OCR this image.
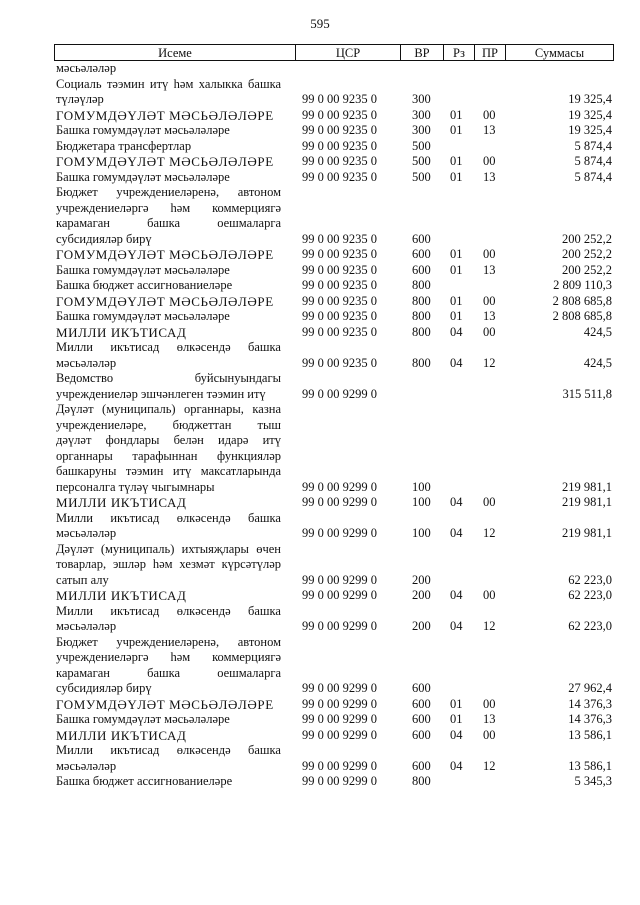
595
Исеме	ЦСР	ВР	Рз	ПР	Суммасы
мәсьәләләр
Социаль тәэмин итү һәм халыкка башка
түләүләр	99 0 00 9235 0	300	19 325,4
ГОМУМДӘҮЛӘТ МӘСЬӘЛӘЛӘРЕ	99 0 00 9235 0	300 01 00	19 325,4
Башка гомумдәүләт мәсьәләләре	99 0 00 9235 0	300 01 13	19 325,4
Бюджетара трансфертлар	99 0 00 9235 0	500	5 874,4
ГОМУМДӘҮЛӘТ МӘСЬӘЛӘЛӘРЕ	99 0 00 9235 0	500 01 00	5 874,4
Башка гомумдәүләт мәсьәләләре	99 0 00 9235 0	500 01 13	5 874,4
Бюджет учреждениеләренә, автоном
учреждениеләргә һәм коммерциягә
карамаган башка оешмаларга
субсидияләр бирү	99 0 00 9235 0	600	200 252,2
ГОМУМДӘҮЛӘТ МӘСЬӘЛӘЛӘРЕ	99 0 00 9235 0	600 01 00	200 252,2
Башка гомумдәүләт мәсьәләләре	99 0 00 9235 0	600 01 13	200 252,2
Башка бюджет ассигнованиеләре	99 0 00 9235 0	800	2 809 110,3
ГОМУМДӘҮЛӘТ МӘСЬӘЛӘЛӘРЕ	99 0 00 9235 0	800 01 00	2 808 685,8
Башка гомумдәүләт мәсьәләләре	99 0 00 9235 0	800 01 13	2 808 685,8
МИЛЛИ ИКЪТИСАД	99 0 00 9235 0	800 04 00	424,5
Милли икътисад өлкәсендә башка
мәсьәләләр	99 0 00 9235 0	800 04 12	424,5
Ведомство буйсынуындагы
учреждениеләр эшчәнлеген тәэмин итү	99 0 00 9299 0	315 511,8
Дәүләт (муниципаль) органнары, казна
учреждениеләре, бюджеттан тыш
дәүләт фондлары белән идарә итү
органнары тарафыннан функцияләр
башкаруны тәэмин итү максатларында
персоналга түләү чыгымнары	99 0 00 9299 0	100	219 981,1
МИЛЛИ ИКЪТИСАД	99 0 00 9299 0	100 04 00	219 981,1
Милли икътисад өлкәсендә башка
мәсьәләләр	99 0 00 9299 0	100 04 12	219 981,1
Дәүләт (муниципаль) ихтыяҗлары өчен
товарлар, эшләр һәм хезмәт күрсәтүләр
сатып алу	99 0 00 9299 0	200	62 223,0
МИЛЛИ ИКЪТИСАД	99 0 00 9299 0	200 04 00	62 223,0
Милли икътисад өлкәсендә башка
мәсьәләләр	99 0 00 9299 0	200 04 12	62 223,0
Бюджет учреждениеләренә, автоном
учреждениеләргә һәм коммерциягә
карамаган башка оешмаларга
субсидияләр бирү	99 0 00 9299 0	600	27 962,4
ГОМУМДӘҮЛӘТ МӘСЬӘЛӘЛӘРЕ	99 0 00 9299 0	600 01 00	14 376,3
Башка гомумдәүләт мәсьәләләре	99 0 00 9299 0	600 01 13	14 376,3
МИЛЛИ ИКЪТИСАД	99 0 00 9299 0	600 04 00	13 586,1
Милли икътисад өлкәсендә башка
мәсьәләләр	99 0 00 9299 0	600 04 12	13 586,1
Башка бюджет ассигнованиеләре	99 0 00 9299 0	800	5 345,3
